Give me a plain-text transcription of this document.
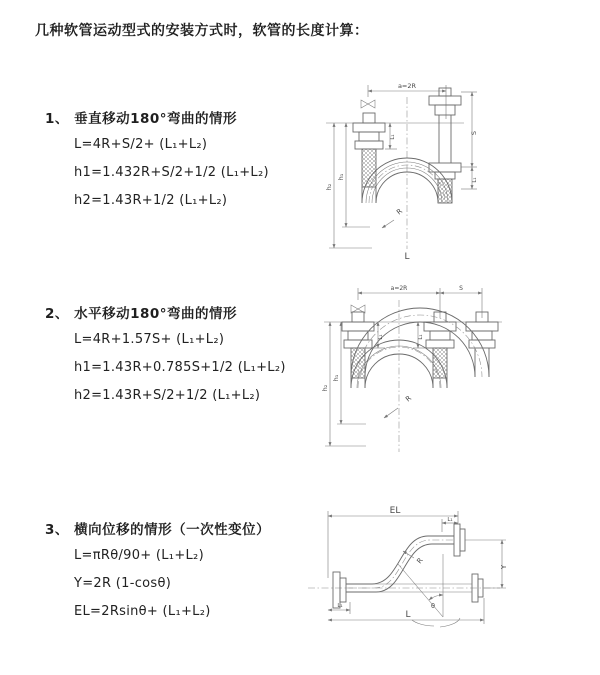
几种软管运动型式的安装方式时，软管的长度计算：
1、 垂直移动180°弯曲的情形
L=4R+S/2+ (L₁+L₂)
h1=1.432R+S/2+1/2 (L₁+L₂)
h2=1.43R+1/2 (L₁+L₂)
2、 水平移动180°弯曲的情形
L=4R+1.57S+ (L₁+L₂)
h1=1.43R+0.785S+1/2 (L₁+L₂)
h2=1.43R+S/2+1/2 (L₁+L₂)
3、 横向位移的情形（一次性变位）
L=πRθ/90+ (L₁+L₂)
Y=2R (1-cosθ)
EL=2Rsinθ+ (L₁+L₂)
a=2R
R
h₂
h₁
S
L₁
L₁
L
a=2R	S
R
h₂
h₁
L₁	L₁
EL
L₁
θ
R
Y
L₁
L
